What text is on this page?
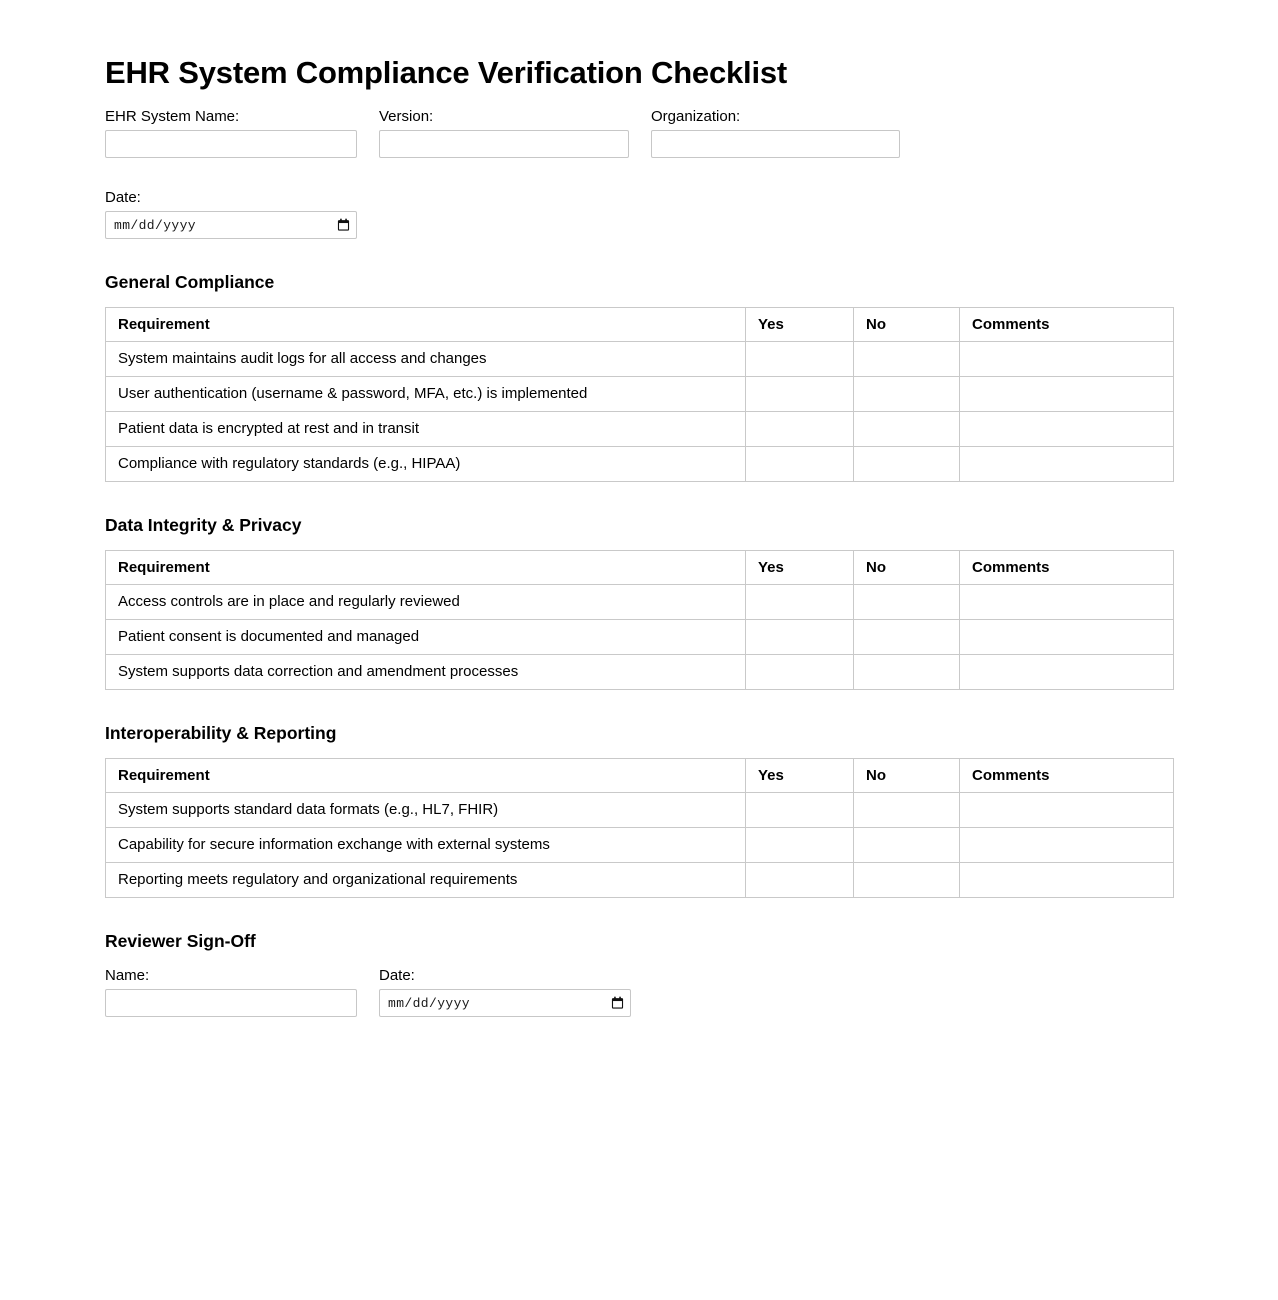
EHR System Compliance Verification Checklist
EHR System Name:
	Version:
	Organization:
Date:
mm/dd/yyyy
General Compliance
Requirement	Yes	No	Comments
System maintains audit logs for all access and changes			
User authentication (username & password, MFA, etc.) is implemented			
Patient data is encrypted at rest and in transit			
Compliance with regulatory standards (e.g., HIPAA)			
Data Integrity & Privacy
Requirement	Yes	No	Comments
Access controls are in place and regularly reviewed			
Patient consent is documented and managed			
System supports data correction and amendment processes			
Interoperability & Reporting
Requirement	Yes	No	Comments
System supports standard data formats (e.g., HL7, FHIR)			
Capability for secure information exchange with external systems			
Reporting meets regulatory and organizational requirements			
Reviewer Sign-Off
Name:
	Date:
mm/dd/yyyy
